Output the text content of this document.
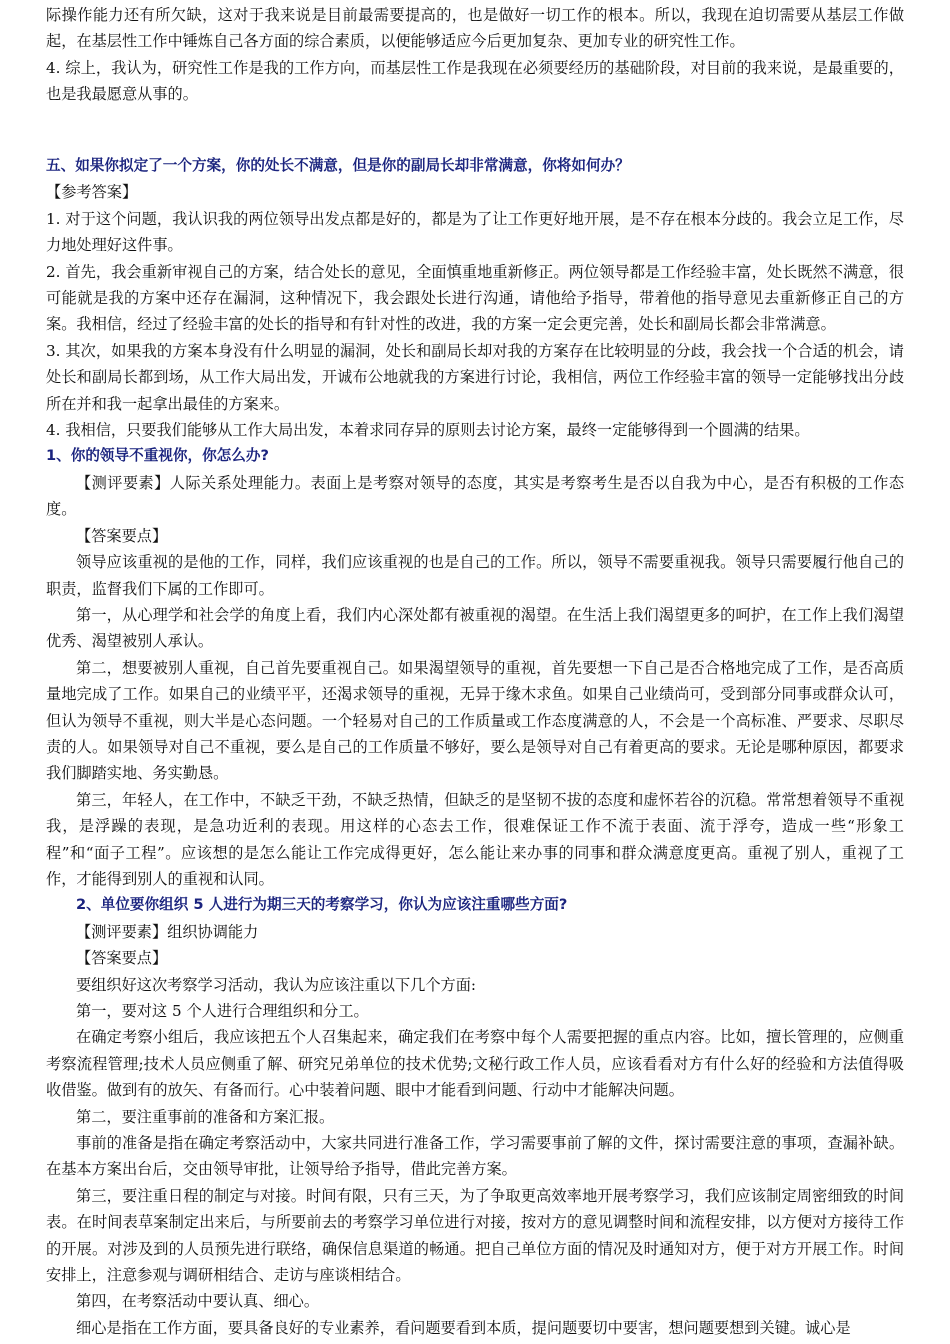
际操作能力还有所欠缺，这对于我来说是目前最需要提高的，也是做好一切工作的根本。所以，我现在迫切需要从基层工作做起，在基层性工作中锤炼自己各方面的综合素质，以便能够适应今后更加复杂、更加专业的研究性工作。

4. 综上，我认为，研究性工作是我的工作方向，而基层性工作是我现在必须要经历的基础阶段，对目前的我来说，是最重要的，也是我最愿意从事的。

五、如果你拟定了一个方案，你的处长不满意，但是你的副局长却非常满意，你将如何办？

【参考答案】

1. 对于这个问题，我认识我的两位领导出发点都是好的，都是为了让工作更好地开展，是不存在根本分歧的。我会立足工作，尽力地处理好这件事。

2. 首先，我会重新审视自己的方案，结合处长的意见，全面慎重地重新修正。两位领导都是工作经验丰富，处长既然不满意，很可能就是我的方案中还存在漏洞，这种情况下，我会跟处长进行沟通，请他给予指导，带着他的指导意见去重新修正自己的方案。我相信，经过了经验丰富的处长的指导和有针对性的改进，我的方案一定会更完善，处长和副局长都会非常满意。

3. 其次，如果我的方案本身没有什么明显的漏洞，处长和副局长却对我的方案存在比较明显的分歧，我会找一个合适的机会，请处长和副局长都到场，从工作大局出发，开诚布公地就我的方案进行讨论，我相信，两位工作经验丰富的领导一定能够找出分歧所在并和我一起拿出最佳的方案来。

4. 我相信，只要我们能够从工作大局出发，本着求同存异的原则去讨论方案，最终一定能够得到一个圆满的结果。

1、你的领导不重视你，你怎么办?

【测评要素】人际关系处理能力。表面上是考察对领导的态度，其实是考察考生是否以自我为中心，是否有积极的工作态度。

【答案要点】

领导应该重视的是他的工作，同样，我们应该重视的也是自己的工作。所以，领导不需要重视我。领导只需要履行他自己的职责，监督我们下属的工作即可。

第一，从心理学和社会学的角度上看，我们内心深处都有被重视的渴望。在生活上我们渴望更多的呵护，在工作上我们渴望优秀、渴望被别人承认。

第二，想要被别人重视，自己首先要重视自己。如果渴望领导的重视，首先要想一下自己是否合格地完成了工作，是否高质量地完成了工作。如果自己的业绩平平，还渴求领导的重视，无异于缘木求鱼。如果自己业绩尚可，受到部分同事或群众认可，但认为领导不重视，则大半是心态问题。一个轻易对自己的工作质量或工作态度满意的人，不会是一个高标准、严要求、尽职尽责的人。如果领导对自己不重视，要么是自己的工作质量不够好，要么是领导对自己有着更高的要求。无论是哪种原因，都要求我们脚踏实地、务实勤恳。

第三，年轻人，在工作中，不缺乏干劲，不缺乏热情，但缺乏的是坚韧不拔的态度和虚怀若谷的沉稳。常常想着领导不重视我，是浮躁的表现，是急功近利的表现。用这样的心态去工作，很难保证工作不流于表面、流于浮夸，造成一些“形象工程”和“面子工程”。应该想的是怎么能让工作完成得更好，怎么能让来办事的同事和群众满意度更高。重视了别人，重视了工作，才能得到别人的重视和认同。

2、单位要你组织 5 人进行为期三天的考察学习，你认为应该注重哪些方面?

【测评要素】组织协调能力

【答案要点】

要组织好这次考察学习活动，我认为应该注重以下几个方面:

第一，要对这 5 个人进行合理组织和分工。

在确定考察小组后，我应该把五个人召集起来，确定我们在考察中每个人需要把握的重点内容。比如，擅长管理的，应侧重考察流程管理;技术人员应侧重了解、研究兄弟单位的技术优势;文秘行政工作人员，应该看看对方有什么好的经验和方法值得吸收借鉴。做到有的放矢、有备而行。心中装着问题、眼中才能看到问题、行动中才能解决问题。

第二，要注重事前的准备和方案汇报。

事前的准备是指在确定考察活动中，大家共同进行准备工作，学习需要事前了解的文件，探讨需要注意的事项，查漏补缺。在基本方案出台后，交由领导审批，让领导给予指导，借此完善方案。

第三，要注重日程的制定与对接。时间有限，只有三天，为了争取更高效率地开展考察学习，我们应该制定周密细致的时间表。在时间表草案制定出来后，与所要前去的考察学习单位进行对接，按对方的意见调整时间和流程安排，以方便对方接待工作的开展。对涉及到的人员预先进行联络，确保信息渠道的畅通。把自己单位方面的情况及时通知对方，便于对方开展工作。时间安排上，注意参观与调研相结合、走访与座谈相结合。

第四，在考察活动中要认真、细心。

细心是指在工作方面，要具备良好的专业素养，看问题要看到本质，提问题要切中要害，想问题要想到关键。诚心是
